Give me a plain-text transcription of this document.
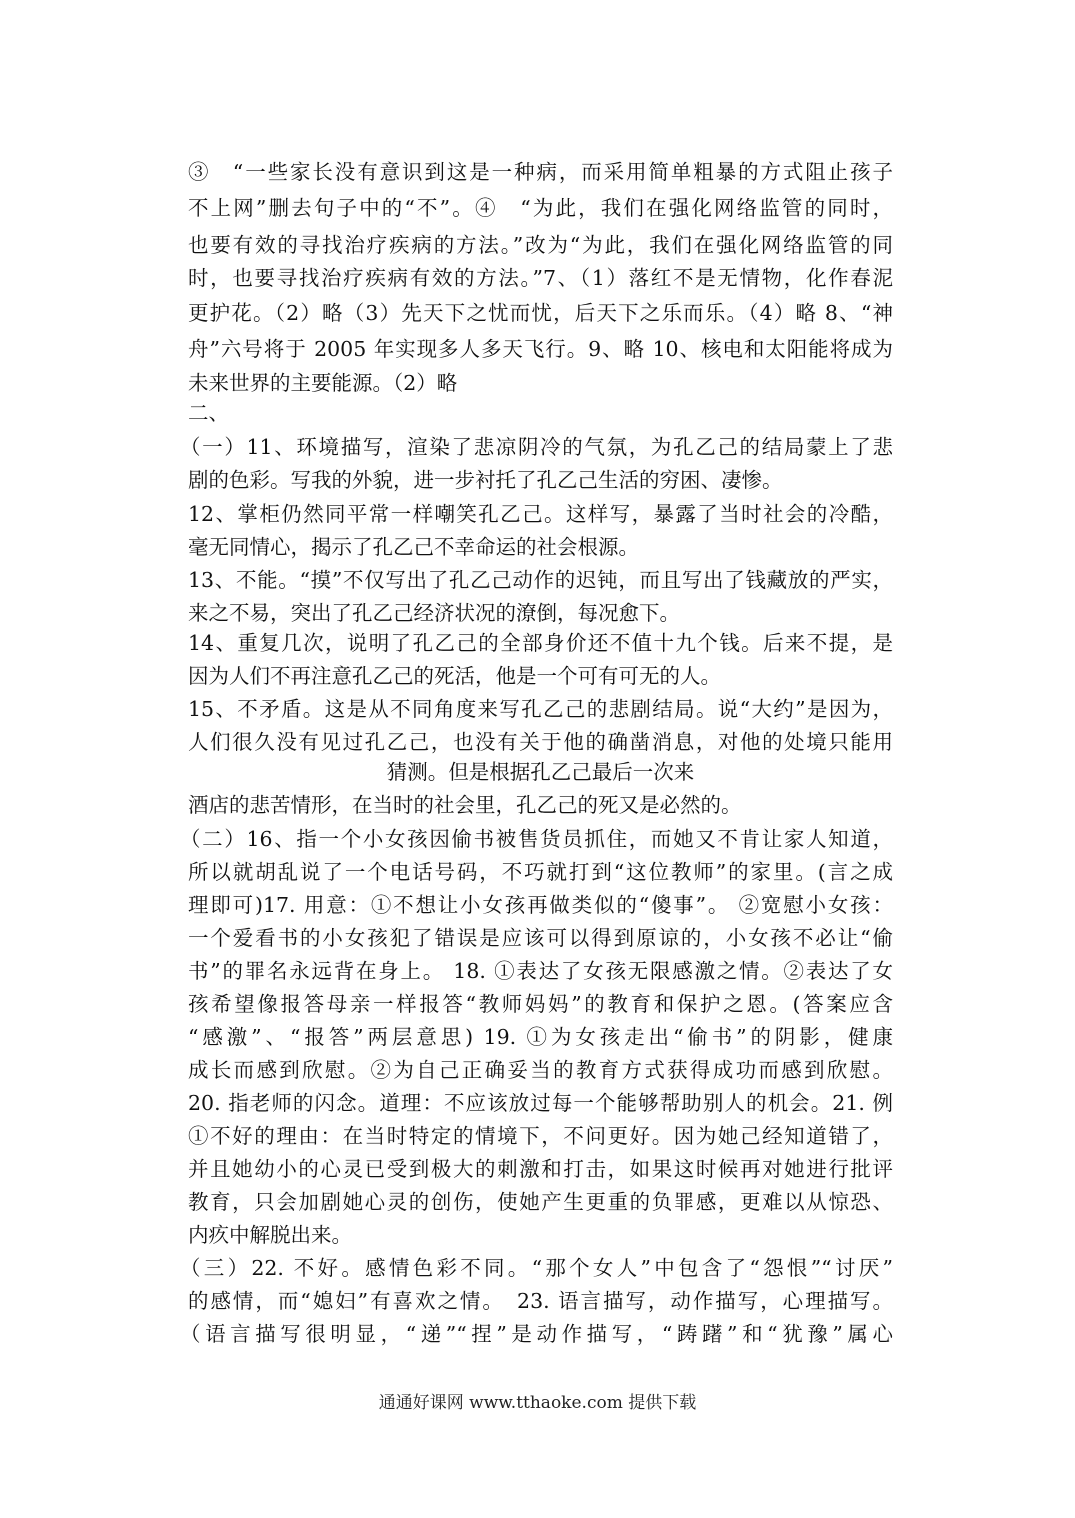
③　“一些家长没有意识到这是一种病，而采用简单粗暴的方式阻止孩子
不上网”删去句子中的“不”。④　“为此，我们在强化网络监管的同时，
也要有效的寻找治疗疾病的方法。”改为“为此，我们在强化网络监管的同
时，也要寻找治疗疾病有效的方法。”7、（1）落红不是无情物，化作春泥
更护花。（2）略（3）先天下之忧而忧，后天下之乐而乐。（4）略 8、“神
舟”六号将于 2005 年实现多人多天飞行。9、略 10、核电和太阳能将成为
未来世界的主要能源。（2）略
二、
（一）11、环境描写，渲染了悲凉阴冷的气氛，为孔乙己的结局蒙上了悲
剧的色彩。写我的外貌，进一步衬托了孔乙己生活的穷困、凄惨。
12、掌柜仍然同平常一样嘲笑孔乙己。这样写，暴露了当时社会的冷酷，
毫无同情心，揭示了孔乙己不幸命运的社会根源。
13、不能。“摸”不仅写出了孔乙己动作的迟钝，而且写出了钱藏放的严实，
来之不易，突出了孔乙己经济状况的潦倒，每况愈下。
14、重复几次，说明了孔乙己的全部身价还不值十九个钱。后来不提，是
因为人们不再注意孔乙己的死活，他是一个可有可无的人。
15、不矛盾。这是从不同角度来写孔乙己的悲剧结局。说“大约”是因为，
人们很久没有见过孔乙己，也没有关于他的确凿消息，对他的处境只能用
猜测。但是根据孔乙己最后一次来
酒店的悲苦情形，在当时的社会里，孔乙己的死又是必然的。
（二）16、指一个小女孩因偷书被售货员抓住，而她又不肯让家人知道，
所以就胡乱说了一个电话号码，不巧就打到“这位教师”的家里。(言之成
理即可)17. 用意：①不想让小女孩再做类似的“傻事”。 ②宽慰小女孩：
一个爱看书的小女孩犯了错误是应该可以得到原谅的，小女孩不必让“偷
书”的罪名永远背在身上。 18. ①表达了女孩无限感激之情。②表达了女
孩希望像报答母亲一样报答“教师妈妈”的教育和保护之恩。(答案应含
“感激”、“报答”两层意思) 19. ①为女孩走出“偷书”的阴影，健康
成长而感到欣慰。②为自己正确妥当的教育方式获得成功而感到欣慰。
20. 指老师的闪念。道理：不应该放过每一个能够帮助别人的机会。21. 例
①不好的理由：在当时特定的情境下，不问更好。因为她己经知道错了，
并且她幼小的心灵已受到极大的刺激和打击，如果这时候再对她进行批评
教育，只会加剧她心灵的创伤，使她产生更重的负罪感，更难以从惊恐、
内疚中解脱出来。
（三）22. 不好。感情色彩不同。“那个女人”中包含了“怨恨”“讨厌”
的感情，而“媳妇”有喜欢之情。　23. 语言描写，动作描写，心理描写。
（语言描写很明显，“递”“捏”是动作描写，“踌躇”和“犹豫”属心
通通好课网 www.tthaoke.com 提供下载
